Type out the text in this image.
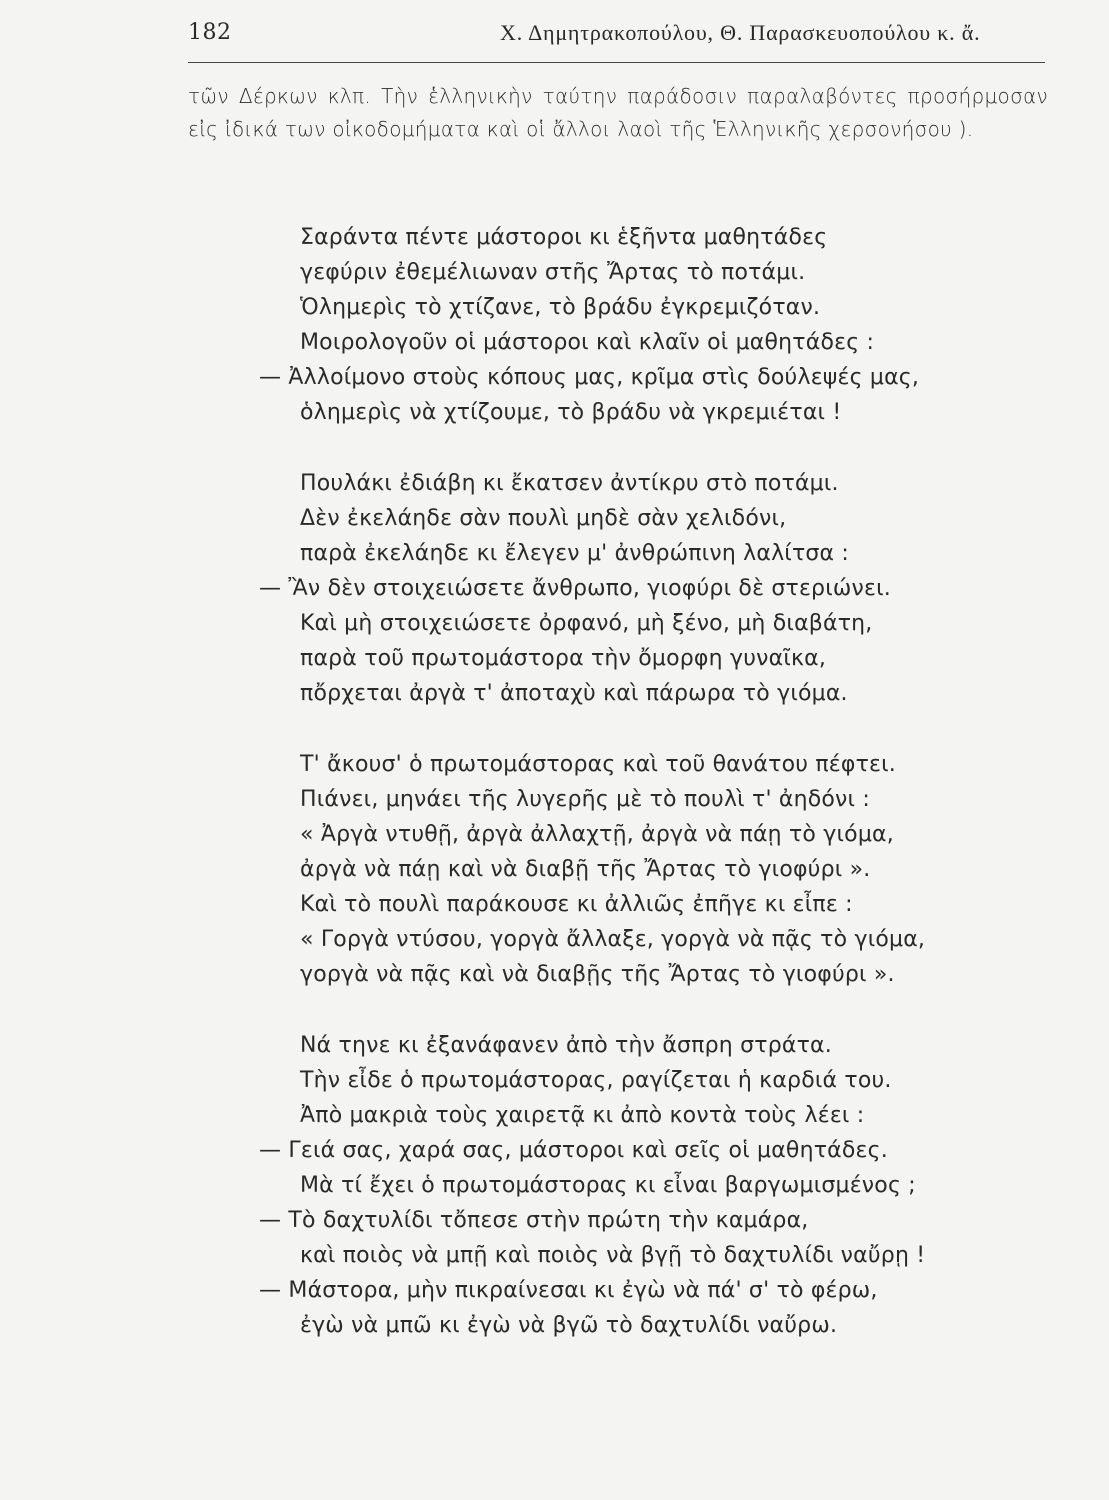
182	Χ. Δημητρακοπούλου, Θ. Παρασκευοπούλου κ. ἄ.

τῶν Δέρκων κλπ. Τὴν ἑλληνικὴν ταύτην παράδοσιν παραλαβόντες προσήρμοσαν εἰς ἰδικά των οἰκοδομήματα καὶ οἱ ἄλλοι λαοὶ τῆς Ἑλληνικῆς χερσονήσου ).

Σαράντα πέντε μάστοροι κι ἑξῆντα μαθητάδες
γεφύριν ἐθεμέλιωναν στῆς Ἄρτας τὸ ποτάμι.
Ὁλημερὶς τὸ χτίζανε, τὸ βράδυ ἐγκρεμιζόταν.
Μοιρολογοῦν οἱ μάστοροι καὶ κλαῖν οἱ μαθητάδες :
— Ἀλλοίμονο στοὺς κόπους μας, κρῖμα στὶς δούλεψές μας,
ὁλημερὶς νὰ χτίζουμε, τὸ βράδυ νὰ γκρεμιέται !
Πουλάκι ἐδιάβη κι ἔκατσεν ἀντίκρυ στὸ ποτάμι.
Δὲν ἐκελάηδε σὰν πουλὶ μηδὲ σὰν χελιδόνι,
παρὰ ἐκελάηδε κι ἔλεγεν μ' ἀνθρώπινη λαλίτσα :
— Ἂν δὲν στοιχειώσετε ἄνθρωπο, γιοφύρι δὲ στεριώνει.
Καὶ μὴ στοιχειώσετε ὀρφανό, μὴ ξένο, μὴ διαβάτη,
παρὰ τοῦ πρωτομάστορα τὴν ὄμορφη γυναῖκα,
πὄρχεται ἀργὰ τ' ἀποταχὺ καὶ πάρωρα τὸ γιόμα.
Τ' ἄκουσ' ὁ πρωτομάστορας καὶ τοῦ θανάτου πέφτει.
Πιάνει, μηνάει τῆς λυγερῆς μὲ τὸ πουλὶ τ' ἀηδόνι :
« Ἀργὰ ντυθῇ, ἀργὰ ἀλλαχτῇ, ἀργὰ νὰ πάῃ τὸ γιόμα,
ἀργὰ νὰ πάῃ καὶ νὰ διαβῇ τῆς Ἄρτας τὸ γιοφύρι ».
Καὶ τὸ πουλὶ παράκουσε κι ἀλλιῶς ἐπῆγε κι εἶπε :
« Γοργὰ ντύσου, γοργὰ ἄλλαξε, γοργὰ νὰ πᾷς τὸ γιόμα,
γοργὰ νὰ πᾷς καὶ νὰ διαβῇς τῆς Ἄρτας τὸ γιοφύρι ».
Νά τηνε κι ἐξανάφανεν ἀπὸ τὴν ἄσπρη στράτα.
Τὴν εἶδε ὁ πρωτομάστορας, ραγίζεται ἡ καρδιά του.
Ἀπὸ μακριὰ τοὺς χαιρετᾷ κι ἀπὸ κοντὰ τοὺς λέει :
— Γειά σας, χαρά σας, μάστοροι καὶ σεῖς οἱ μαθητάδες.
Μὰ τί ἔχει ὁ πρωτομάστορας κι εἶναι βαργωμισμένος ;
— Τὸ δαχτυλίδι τὄπεσε στὴν πρώτη τὴν καμάρα,
καὶ ποιὸς νὰ μπῇ καὶ ποιὸς νὰ βγῇ τὸ δαχτυλίδι ναὔρῃ !
— Μάστορα, μὴν πικραίνεσαι κι ἐγὼ νὰ πά' σ' τὸ φέρω,
ἐγὼ νὰ μπῶ κι ἐγὼ νὰ βγῶ τὸ δαχτυλίδι ναὔρω.
